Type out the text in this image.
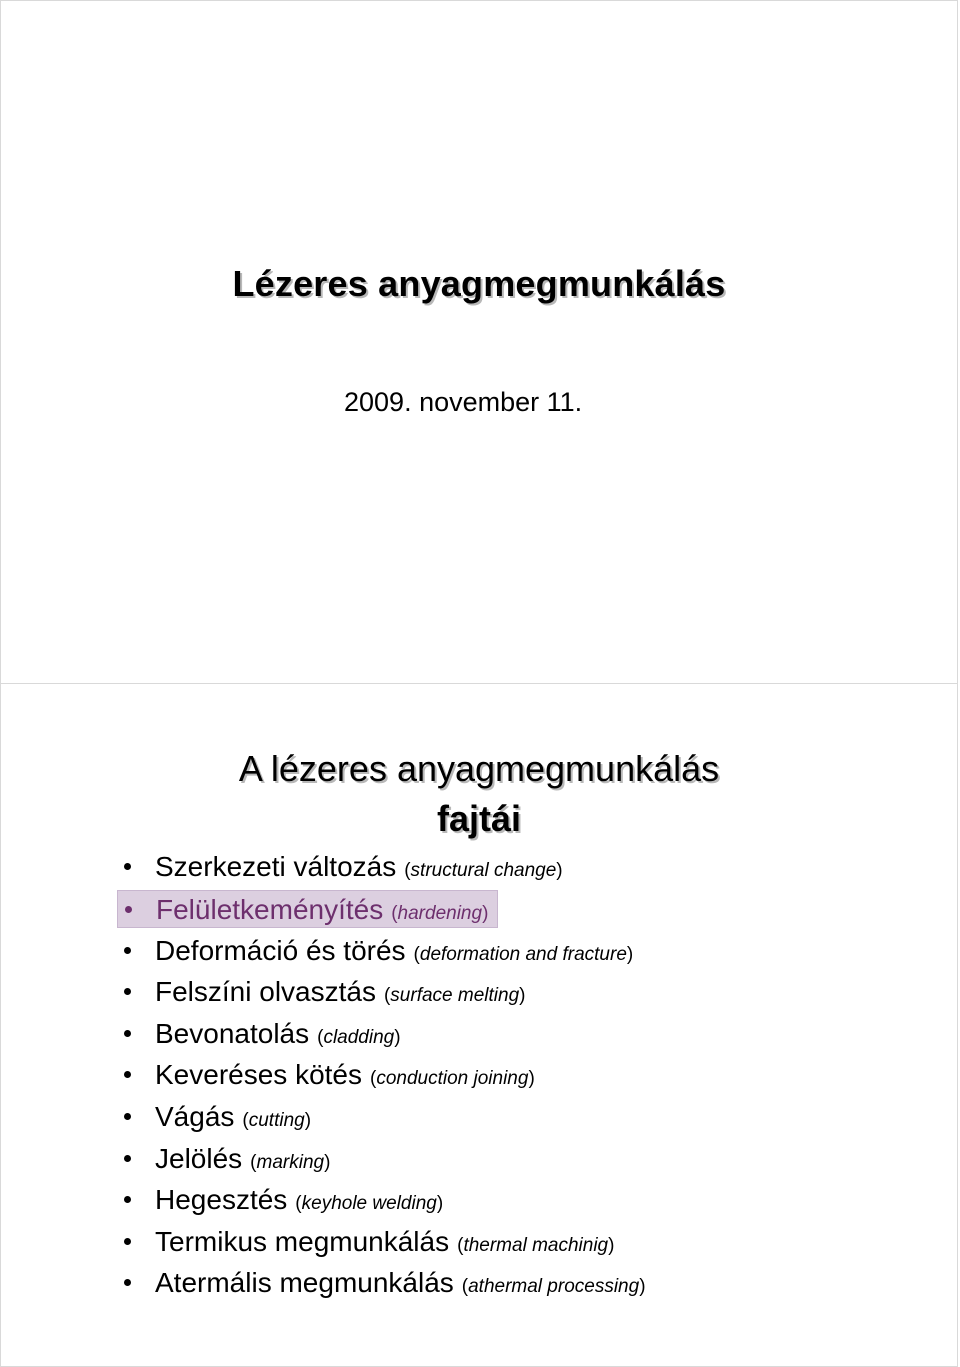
Lézeres anyagmegmunkálás
2009. november 11.
A lézeres anyagmegmunkálás
fajtái
Szerkezeti változás (structural change)
Felületkeményítés (hardening)
Deformáció és törés (deformation and fracture)
Felszíni olvasztás (surface melting)
Bevonatolás (cladding)
Keveréses kötés (conduction joining)
Vágás (cutting)
Jelölés (marking)
Hegesztés (keyhole welding)
Termikus megmunkálás (thermal machinig)
Atermális megmunkálás (athermal processing)
